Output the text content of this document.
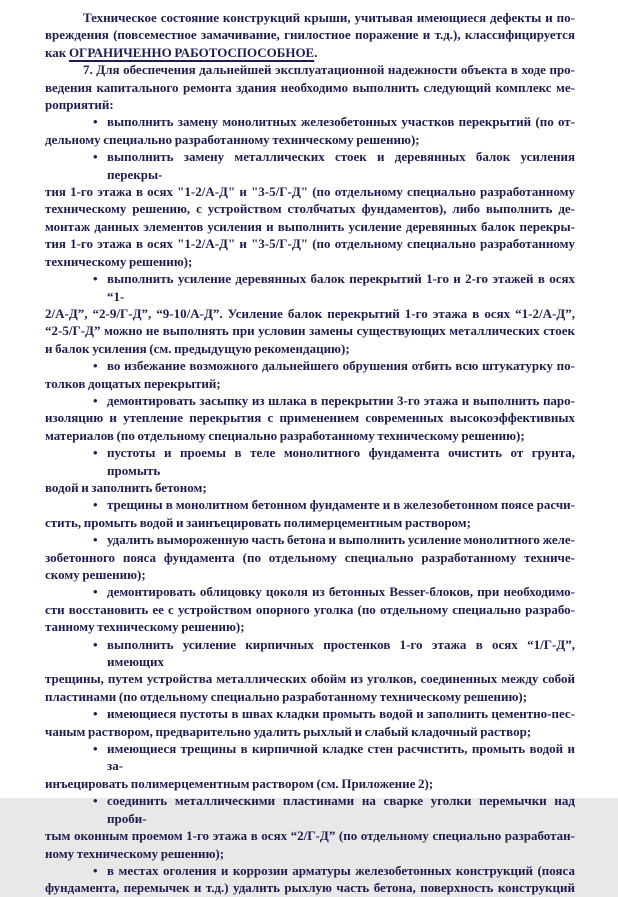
Техническое состояние конструкций крыши, учитывая имеющиеся дефекты и по-
вреждения (повсеместное замачивание, гнилостное поражение и т.д.), классифицируется
как ОГРАНИЧЕННО РАБОТОСПОСОБНОЕ.
7. Для обеспечения дальнейшей эксплуатационной надежности объекта в ходе про-
ведения капитального ремонта здания необходимо выполнить следующий комплекс ме-
роприятий:
• выполнить замену монолитных железобетонных участков перекрытий (по от-
дельному специально разработанному техническому решению);
• выполнить замену металлических стоек и деревянных балок усиления перекры-
тия 1-го этажа в осях "1-2/А-Д" и "3-5/Г-Д" (по отдельному специально разработанному
техническому решению, с устройством столбчатых фундаментов), либо выполнить де-
монтаж данных элементов усиления и выполнить усиление деревянных балок перекры-
тия 1-го этажа в осях "1-2/А-Д" и "3-5/Г-Д" (по отдельному специально разработанному
техническому решению);
• выполнить усиление деревянных балок перекрытий 1-го и 2-го этажей в осях “1-
2/А-Д”, “2-9/Г-Д”, “9-10/А-Д”. Усиление балок перекрытий 1-го этажа в осях “1-2/А-Д”,
“2-5/Г-Д” можно не выполнять при условии замены существующих металлических стоек
и балок усиления (см. предыдущую рекомендацию);
• во избежание возможного дальнейшего обрушения отбить всю штукатурку по-
толков дощатых перекрытий;
• демонтировать засыпку из шлака в перекрытии 3-го этажа и выполнить паро-
изоляцию и утепление перекрытия с применением современных высокоэффективных
материалов (по отдельному специально разработанному техническому решению);
• пустоты и проемы в теле монолитного фундамента очистить от грунта, промыть
водой и заполнить бетоном;
• трещины в монолитном бетонном фундаменте и в железобетонном поясе расчи-
стить, промыть водой и заинъецировать полимерцементным раствором;
• удалить вымороженную часть бетона и выполнить усиление монолитного желе-
зобетонного пояса фундамента (по отдельному специально разработанному техниче-
скому решению);
• демонтировать облицовку цоколя из бетонных Besser-блоков, при необходимо-
сти восстановить ее с устройством опорного уголка (по отдельному специально разрабо-
танному техническому решению);
• выполнить усиление кирпичных простенков 1-го этажа в осях “1/Г-Д”, имеющих
трещины, путем устройства металлических обойм из уголков, соединенных между собой
пластинами (по отдельному специально разработанному техническому решению);
• имеющиеся пустоты в швах кладки промыть водой и заполнить цементно-пес-
чаным раствором, предварительно удалить рыхлый и слабый кладочный раствор;
• имеющиеся трещины в кирпичной кладке стен расчистить, промыть водой и за-
инъецировать полимерцементным раствором (см. Приложение 2);
• соединить металлическими пластинами на сварке уголки перемычки над проби-
тым оконным проемом 1-го этажа в осях “2/Г-Д” (по отдельному специально разработан-
ному техническому решению);
• в местах оголения и коррозии арматуры железобетонных конструкций (пояса
фундамента, перемычек и т.д.) удалить рыхлую часть бетона, поверхность конструкций
